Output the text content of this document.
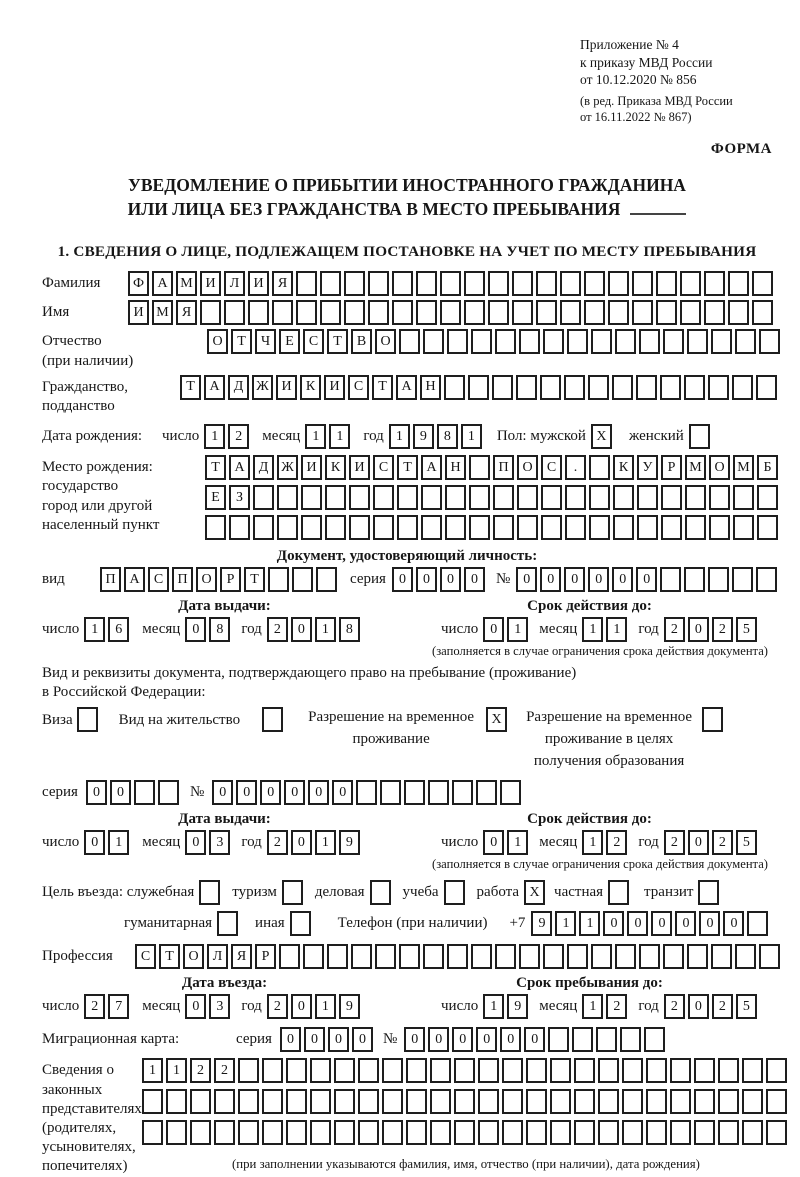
Приложение № 4
к приказу МВД России
от 10.12.2020 № 856
(в ред. Приказа МВД России
от 16.11.2022 № 867)
ФОРМА
УВЕДОМЛЕНИЕ О ПРИБЫТИИ ИНОСТРАННОГО ГРАЖДАНИНА
ИЛИ ЛИЦА БЕЗ ГРАЖДАНСТВА В МЕСТО ПРЕБЫВАНИЯ
1. СВЕДЕНИЯ О ЛИЦЕ, ПОДЛЕЖАЩЕМ ПОСТАНОВКЕ НА УЧЕТ ПО МЕСТУ ПРЕБЫВАНИЯ
Фамилия	Ф А М И	Л	И	Я
Имя	И М Я
Отчество
(при наличии)
О	Т	Ч	Е	С	Т	В	О
Гражданство,
подданство
Т	А	Д Ж И	К	И	С	Т	А Н
Дата рождения:	число 1	2	месяц 1	1	год 1	9	8	1	Пол: мужской X	женский
Место рождения:
государство
город или другой
населенный пункт
Т	А	Д Ж И	К	И	С	Т	А Н	П О	С	.	К	У	Р М О М Б
Е	З
Документ, удостоверяющий личность:
вид	П А	С	П О	Р	Т	серия 0	0	0	0	№ 0	0	0	0	0	0
Дата выдачи:	Срок действия до:
число 1	6	месяц 0	8	год 2	0	1	8	число 0	1	месяц 1	1	год 2	0	2	5
(заполняется в случае ограничения срока действия документа)
Вид и реквизиты документа, подтверждающего право на пребывание (проживание)
в Российской Федерации:
Виза	Вид на жительство	Разрешение на временное
проживание
X	Разрешение на временное
проживание в целях
получения образования
серия	0	0	№	0	0	0	0	0	0
Дата выдачи:	Срок действия до:
число 0	1	месяц 0	3	год 2	0	1	9	число 0	1	месяц 1	2	год 2	0	2	5
(заполняется в случае ограничения срока действия документа)
Цель въезда: служебная	туризм	деловая	учеба	работа X частная	транзит
гуманитарная	иная	Телефон (при наличии) +7 9	1	1	0	0	0	0	0	0
Профессия	С	Т	О	Л	Я	Р
Дата въезда:	Срок пребывания до:
число 2	7	месяц 0	3	год 2	0	1	9	число 1	9	месяц 1	2	год 2	0	2	5
Миграционная карта:	серия	0	0	0	0	№	0	0	0	0	0	0
Сведения о
законных
представителях
(родителях,
усыновителях,
попечителях)
1	1	2	2
(при заполнении указываются фамилия, имя, отчество (при наличии), дата рождения)
